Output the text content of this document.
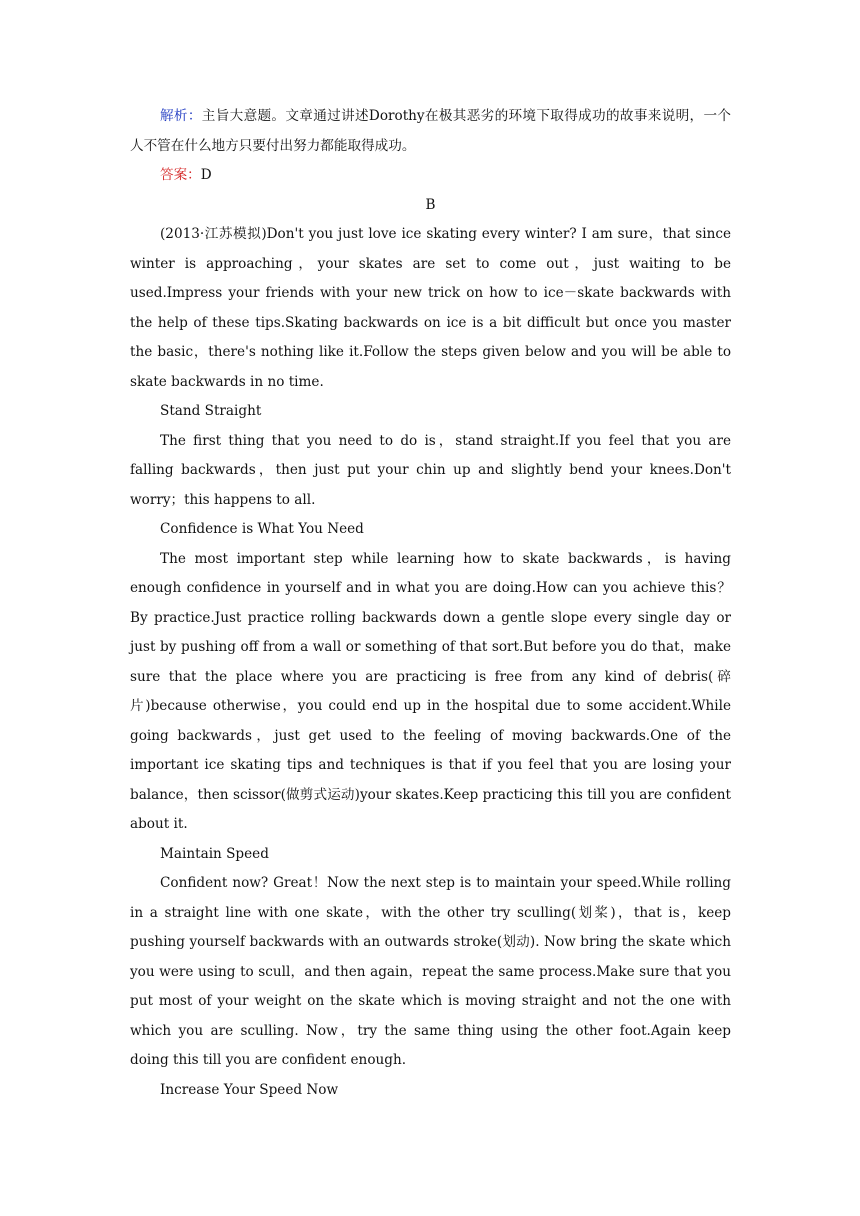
解析：主旨大意题。文章通过讲述Dorothy在极其恶劣的环境下取得成功的故事来说明，一个人不管在什么地方只要付出努力都能取得成功。

答案：D

B

(2013·江苏模拟)Don't you just love ice skating every winter? I am sure，that since winter is approaching，your skates are set to come out，just waiting to be used.Impress your friends with your new trick on how to ice－skate backwards with the help of these tips.Skating backwards on ice is a bit difficult but once you master the basic，there's nothing like it.Follow the steps given below and you will be able to skate backwards in no time.

Stand Straight

The first thing that you need to do is，stand straight.If you feel that you are falling backwards，then just put your chin up and slightly bend your knees.Don't worry；this happens to all.

Confidence is What You Need

The most important step while learning how to skate backwards，is having enough confidence in yourself and in what you are doing.How can you achieve this？By practice.Just practice rolling backwards down a gentle slope every single day or just by pushing off from a wall or something of that sort.But before you do that，make sure that the place where you are practicing is free from any kind of debris(碎片)because otherwise，you could end up in the hospital due to some accident.While going backwards，just get used to the feeling of moving backwards.One of the important ice skating tips and techniques is that if you feel that you are losing your balance，then scissor(做剪式运动)your skates.Keep practicing this till you are confident about it.

Maintain Speed

Confident now? Great！Now the next step is to maintain your speed.While rolling in a straight line with one skate，with the other try sculling(划桨)，that is，keep pushing yourself backwards with an outwards stroke(划动). Now bring the skate which you were using to scull，and then again，repeat the same process.Make sure that you put most of your weight on the skate which is moving straight and not the one with which you are sculling. Now，try the same thing using the other foot.Again keep doing this till you are confident enough.

Increase Your Speed Now
